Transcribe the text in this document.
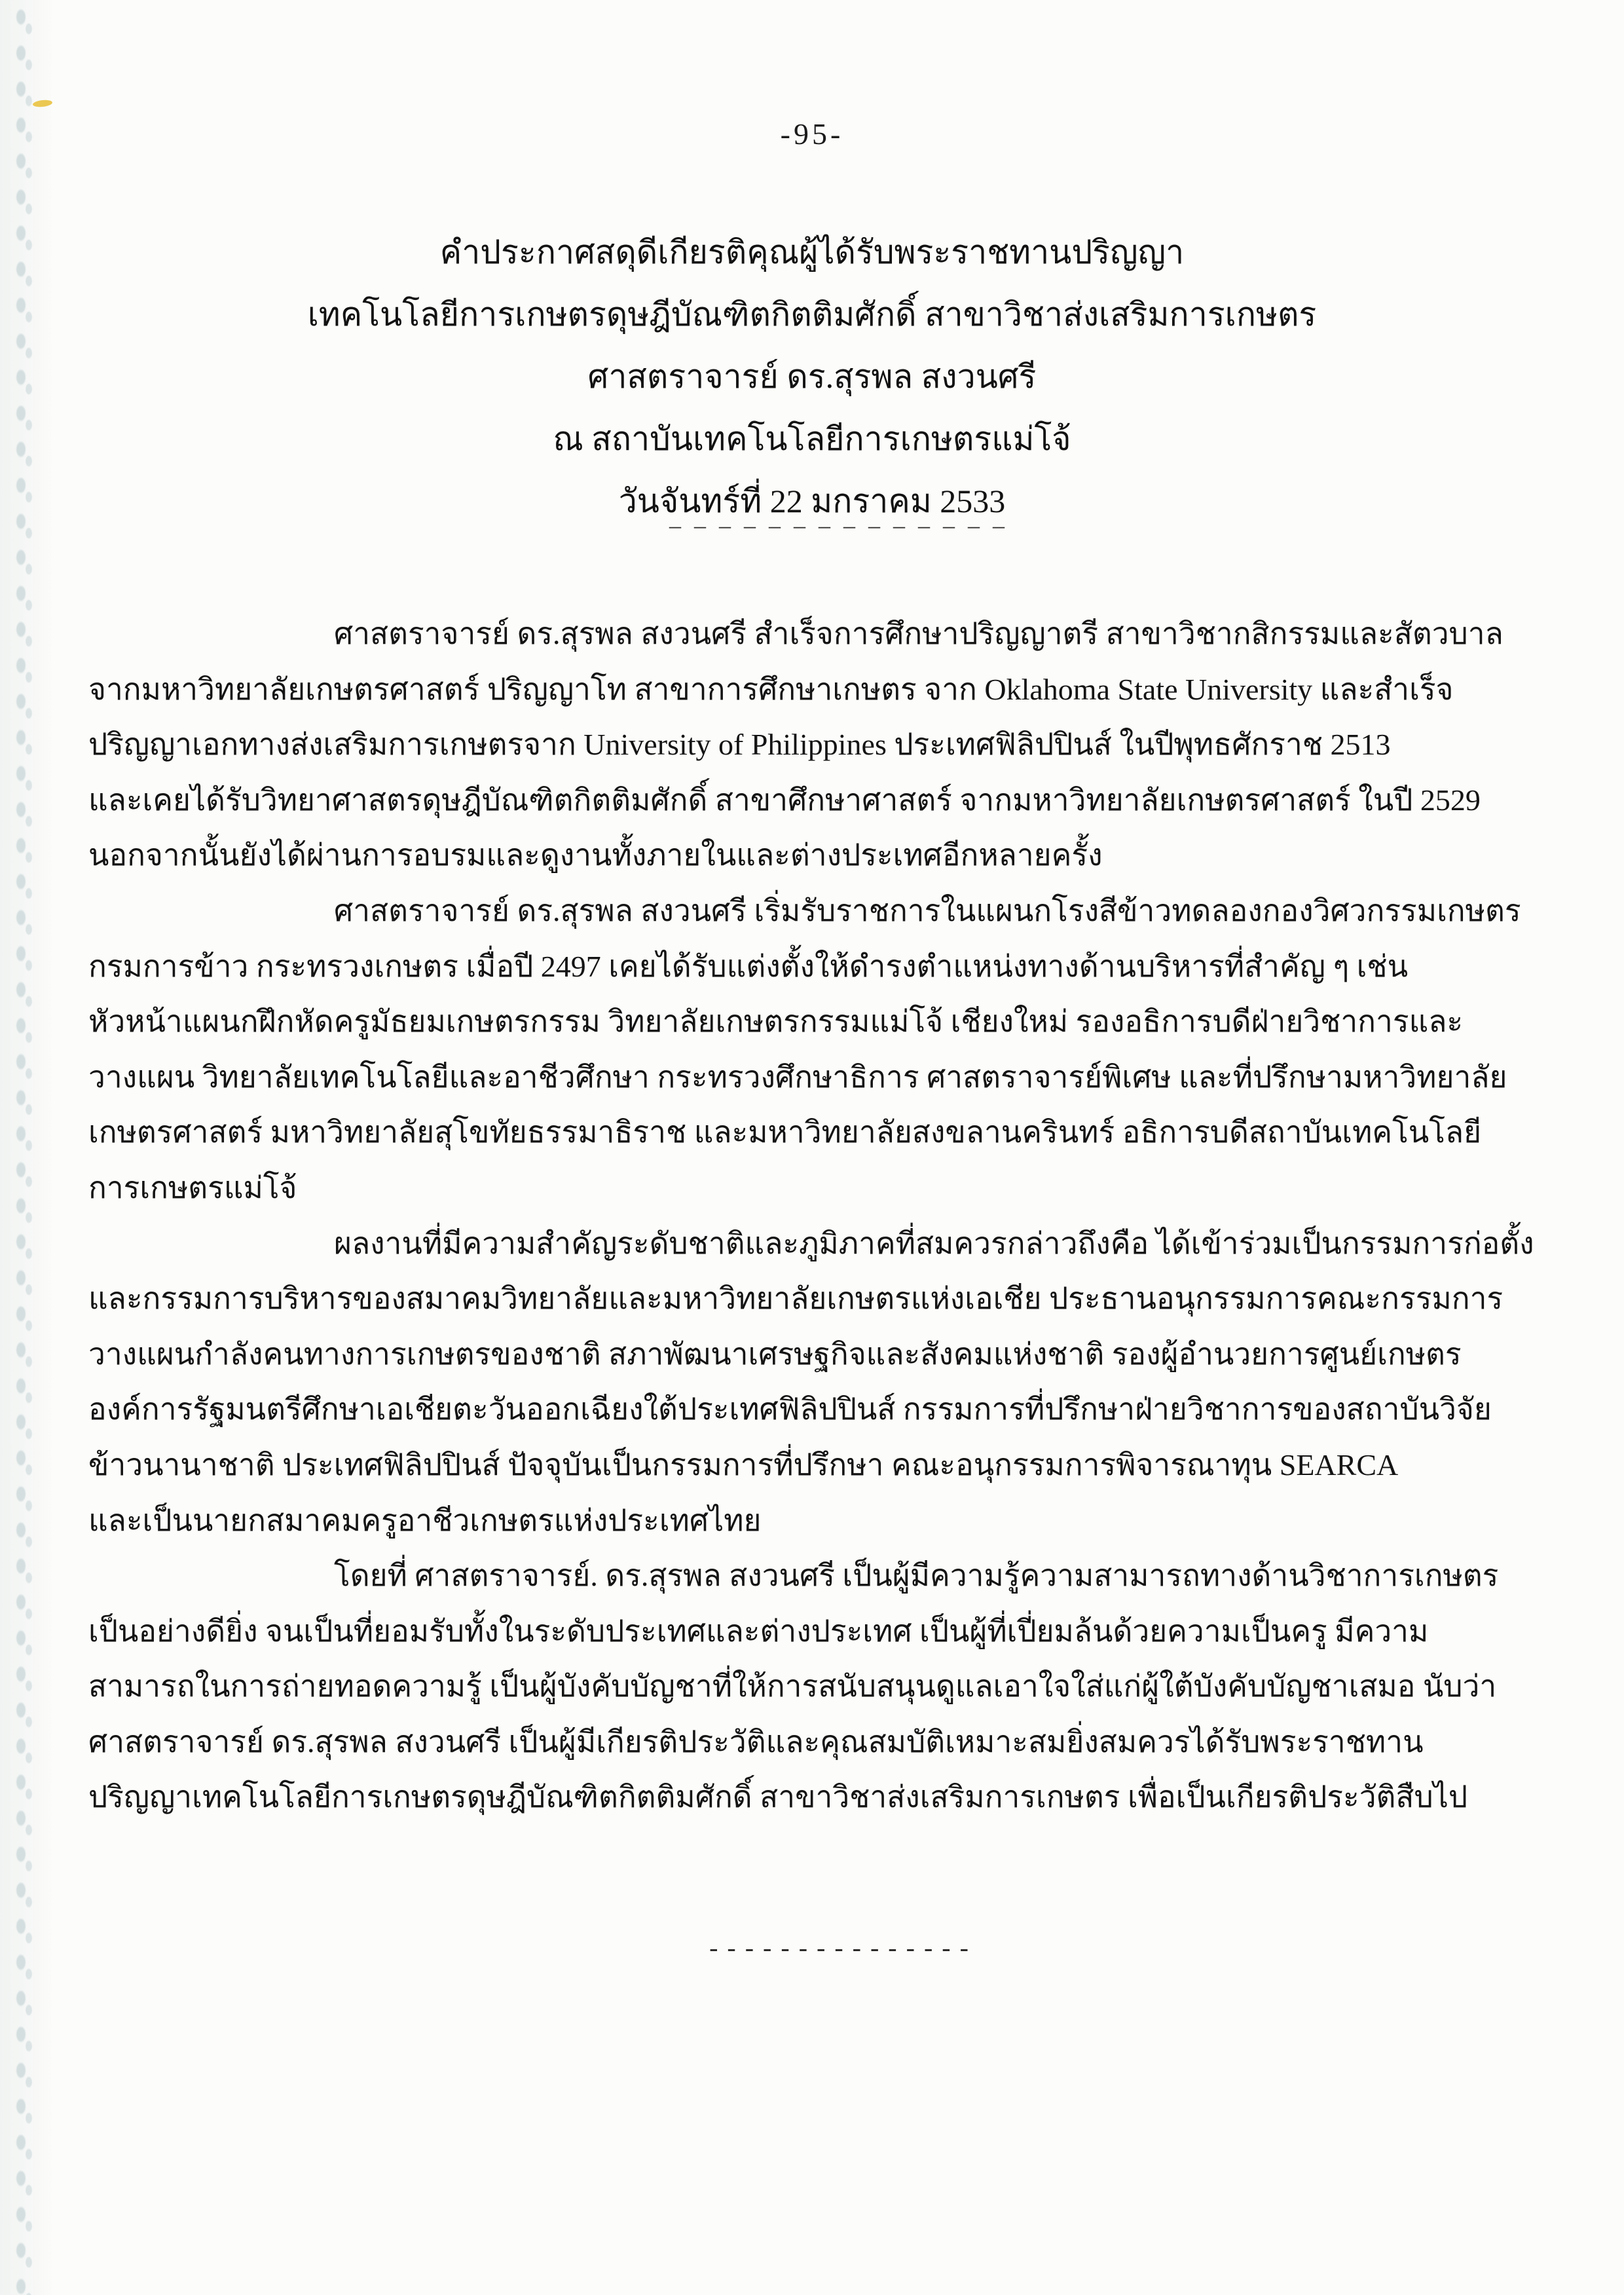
-95-
คำประกาศสดุดีเกียรติคุณผู้ได้รับพระราชทานปริญญา
เทคโนโลยีการเกษตรดุษฎีบัณฑิตกิตติมศักดิ์ สาขาวิชาส่งเสริมการเกษตร
ศาสตราจารย์ ดร.สุรพล สงวนศรี
ณ สถาบันเทคโนโลยีการเกษตรแม่โจ้
วันจันทร์ที่ 22 มกราคม 2533
––––––––––––––
ศาสตราจารย์ ดร.สุรพล สงวนศรี สำเร็จการศึกษาปริญญาตรี สาขาวิชากสิกรรมและสัตวบาล
จากมหาวิทยาลัยเกษตรศาสตร์ ปริญญาโท สาขาการศึกษาเกษตร จาก Oklahoma State University และสำเร็จ
ปริญญาเอกทางส่งเสริมการเกษตรจาก University of Philippines ประเทศฟิลิปปินส์ ในปีพุทธศักราช 2513
และเคยได้รับวิทยาศาสตรดุษฎีบัณฑิตกิตติมศักดิ์ สาขาศึกษาศาสตร์ จากมหาวิทยาลัยเกษตรศาสตร์ ในปี 2529
นอกจากนั้นยังได้ผ่านการอบรมและดูงานทั้งภายในและต่างประเทศอีกหลายครั้ง
ศาสตราจารย์ ดร.สุรพล สงวนศรี เริ่มรับราชการในแผนกโรงสีข้าวทดลองกองวิศวกรรมเกษตร
กรมการข้าว กระทรวงเกษตร เมื่อปี 2497 เคยได้รับแต่งตั้งให้ดำรงตำแหน่งทางด้านบริหารที่สำคัญ ๆ เช่น
หัวหน้าแผนกฝึกหัดครูมัธยมเกษตรกรรม วิทยาลัยเกษตรกรรมแม่โจ้ เชียงใหม่ รองอธิการบดีฝ่ายวิชาการและ
วางแผน วิทยาลัยเทคโนโลยีและอาชีวศึกษา กระทรวงศึกษาธิการ ศาสตราจารย์พิเศษ และที่ปรึกษามหาวิทยาลัย
เกษตรศาสตร์ มหาวิทยาลัยสุโขทัยธรรมาธิราช และมหาวิทยาลัยสงขลานครินทร์ อธิการบดีสถาบันเทคโนโลยี
การเกษตรแม่โจ้
ผลงานที่มีความสำคัญระดับชาติและภูมิภาคที่สมควรกล่าวถึงคือ ได้เข้าร่วมเป็นกรรมการก่อตั้ง
และกรรมการบริหารของสมาคมวิทยาลัยและมหาวิทยาลัยเกษตรแห่งเอเชีย ประธานอนุกรรมการคณะกรรมการ
วางแผนกำลังคนทางการเกษตรของชาติ สภาพัฒนาเศรษฐกิจและสังคมแห่งชาติ รองผู้อำนวยการศูนย์เกษตร
องค์การรัฐมนตรีศึกษาเอเชียตะวันออกเฉียงใต้ประเทศฟิลิปปินส์ กรรมการที่ปรึกษาฝ่ายวิชาการของสถาบันวิจัย
ข้าวนานาชาติ ประเทศฟิลิปปินส์ ปัจจุบันเป็นกรรมการที่ปรึกษา คณะอนุกรรมการพิจารณาทุน SEARCA
และเป็นนายกสมาคมครูอาชีวเกษตรแห่งประเทศไทย
โดยที่ ศาสตราจารย์. ดร.สุรพล สงวนศรี เป็นผู้มีความรู้ความสามารถทางด้านวิชาการเกษตร
เป็นอย่างดียิ่ง จนเป็นที่ยอมรับทั้งในระดับประเทศและต่างประเทศ เป็นผู้ที่เปี่ยมล้นด้วยความเป็นครู มีความ
สามารถในการถ่ายทอดความรู้ เป็นผู้บังคับบัญชาที่ให้การสนับสนุนดูแลเอาใจใส่แก่ผู้ใต้บังคับบัญชาเสมอ นับว่า
ศาสตราจารย์ ดร.สุรพล สงวนศรี เป็นผู้มีเกียรติประวัติและคุณสมบัติเหมาะสมยิ่งสมควรได้รับพระราชทาน
ปริญญาเทคโนโลยีการเกษตรดุษฎีบัณฑิตกิตติมศักดิ์ สาขาวิชาส่งเสริมการเกษตร เพื่อเป็นเกียรติประวัติสืบไป
---------------
